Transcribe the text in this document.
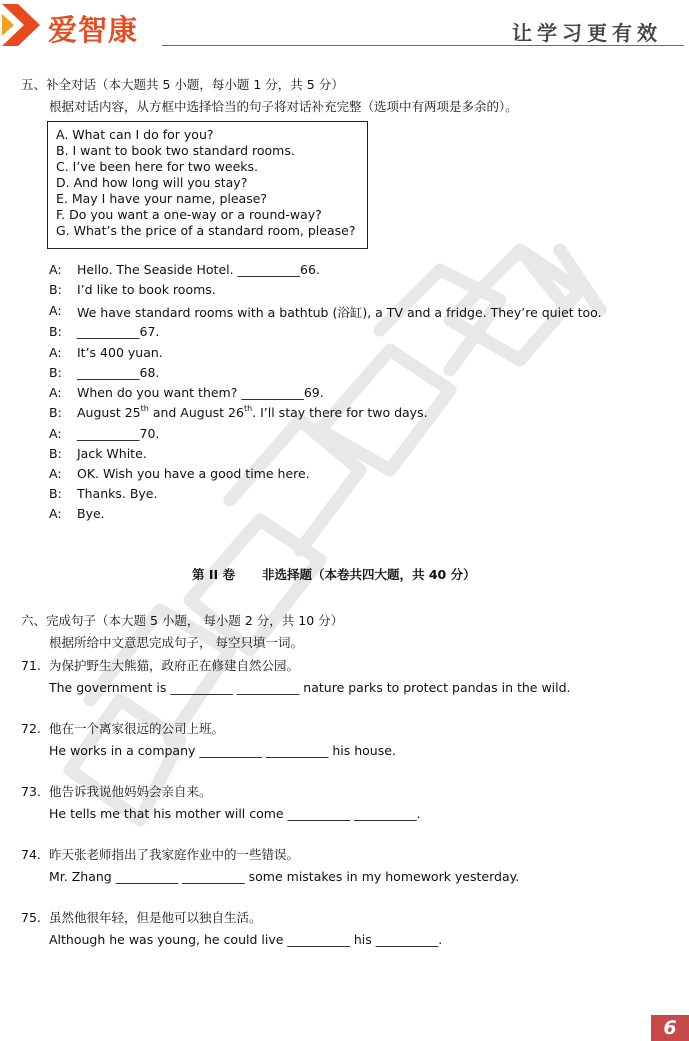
爱智康	让学习更有效
五、补全对话（本大题共 5 小题，每小题 1 分，共 5 分）
根据对话内容，从方框中选择恰当的句子将对话补充完整（选项中有两项是多余的）。
A. What can I do for you?
B. I want to book two standard rooms.
C. I’ve been here for two weeks.
D. And how long will you stay?
E. May I have your name, please?
F. Do you want a one-way or a round-way?
G. What’s the price of a standard room, please?
A: Hello. The Seaside Hotel. __________66.
B: I’d like to book rooms.
A: We have standard rooms with a bathtub (浴缸), a TV and a fridge. They’re quiet too.
B: __________67.
A: It’s 400 yuan.
B: __________68.
A: When do you want them? __________69.
B: August 25th and August 26th. I’ll stay there for two days.
A: __________70.
B: Jack White.
A: OK. Wish you have a good time here.
B: Thanks. Bye.
A: Bye.
第 II 卷 非选择题（本卷共四大题，共 40 分）
六、完成句子（本大题 5 小题， 每小题 2 分，共 10 分）
根据所给中文意思完成句子， 每空只填一词。
71. 为保护野生大熊猫，政府正在修建自然公园。
The government is __________ __________ nature parks to protect pandas in the wild.
72. 他在一个离家很远的公司上班。
He works in a company __________ __________ his house.
73. 他告诉我说他妈妈会亲自来。
He tells me that his mother will come __________ __________.
74. 昨天张老师指出了我家庭作业中的一些错误。
Mr. Zhang __________ __________ some mistakes in my homework yesterday.
75. 虽然他很年轻，但是他可以独自生活。
Although he was young, he could live __________ his __________.
6
